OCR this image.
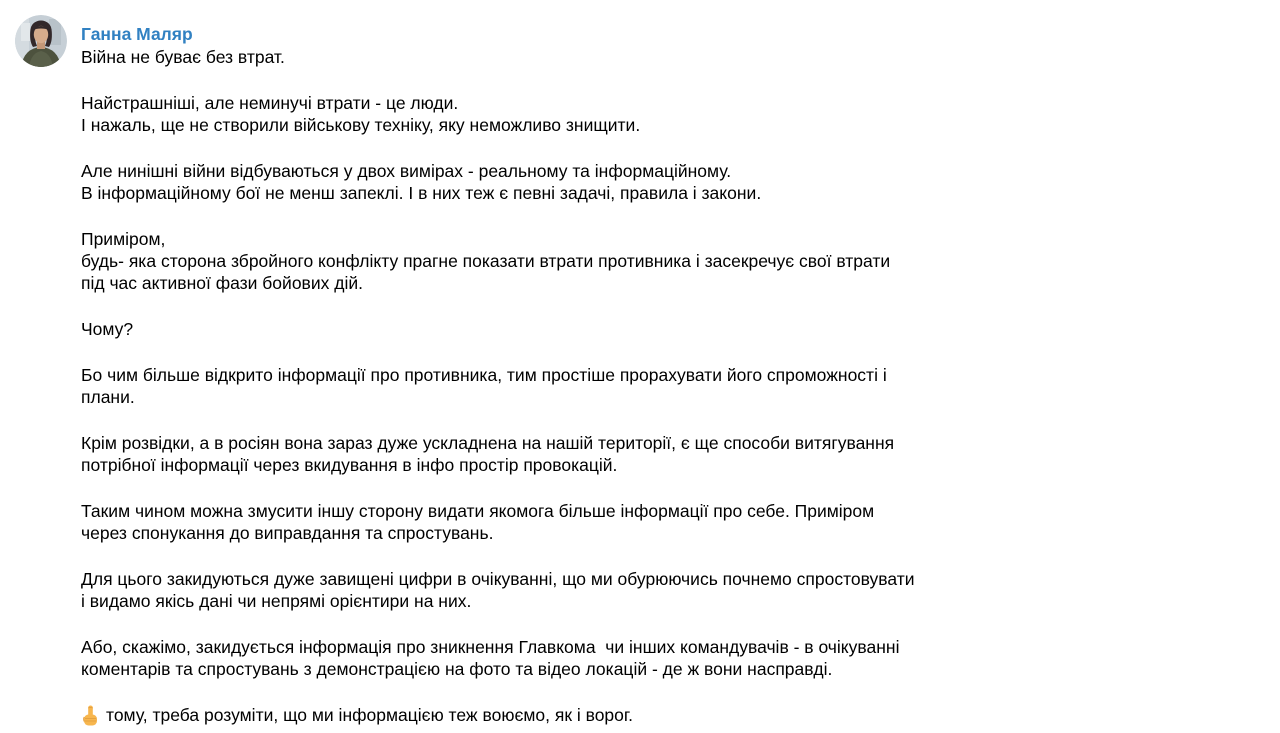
Ганна Маляр
Війна не буває без втрат.
Найстрашніші, але неминучі втрати - це люди.
І нажаль, ще не створили військову техніку, яку неможливо знищити.
Але нинішні війни відбуваються у двох вимірах - реальному та інформаційному.
В інформаційному бої не менш запеклі. І в них теж є певні задачі, правила і закони.
Приміром,
будь- яка сторона збройного конфлікту прагне показати втрати противника і засекречує свої втрати
під час активної фази бойових дій.
Чому?
Бо чим більше відкрито інформації про противника, тим простіше прорахувати його спроможності і
плани.
Крім розвідки, а в росіян вона зараз дуже ускладнена на нашій території, є ще способи витягування
потрібної інформації через вкидування в інфо простір провокацій.
Таким чином можна змусити іншу сторону видати якомога більше інформації про себе. Приміром
через спонукання до виправдання та спростувань.
Для цього закидуються дуже завищені цифри в очікуванні, що ми обурюючись почнемо спростовувати
і видамо якісь дані чи непрямі орієнтири на них.
Або, скажімо, закидується інформація про зникнення Главкома  чи інших командувачів - в очікуванні
коментарів та спростувань з демонстрацією на фото та відео локацій - де ж вони насправді.
тому, треба розуміти, що ми інформацією теж воюємо, як і ворог.
